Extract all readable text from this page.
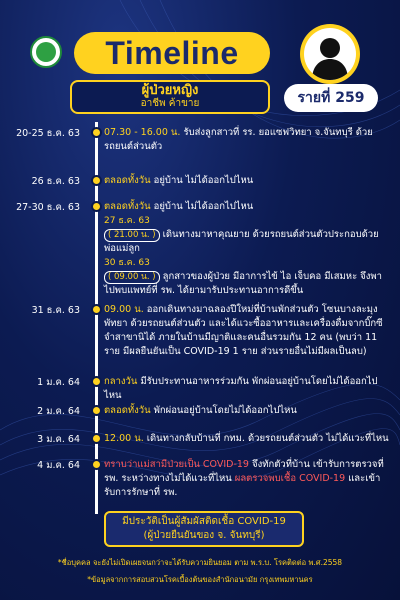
Timeline
ผู้ป่วยหญิง
อาชีพ ค้าขาย	รายที่ 259
20-25 ธ.ค. 63	07.30 - 16.00 น. รับส่งลูกสาวที่ รร. ยอแซฟวิทยา จ.จันทบุรี ด้วยรถยนต์ส่วนตัว
26 ธ.ค. 63	ตลอดทั้งวัน อยู่บ้าน ไม่ได้ออกไปไหน
27-30 ธ.ค. 63	ตลอดทั้งวัน อยู่บ้าน ไม่ได้ออกไปไหน
27 ธ.ค. 63
( 21.00 น. ) เดินทางมาหาคุณยาย ด้วยรถยนต์ส่วนตัวประกอบด้วย พ่อแม่ลูก
30 ธ.ค. 63
( 09.00 น. ) ลูกสาวของผู้ป่วย มีอาการไข้ ไอ เจ็บคอ มีเสมหะ จึงพาไปพบแพทย์ที่ รพ. ได้ยามารับประทานอาการดีขึ้น
31 ธ.ค. 63	09.00 น. ออกเดินทางมาฉลองปีใหม่ที่บ้านพักส่วนตัว โซนบางละมุง พัทยา ด้วยรถยนต์ส่วนตัว และได้แวะซื้ออาหารและเครื่องดื่มจากบิ๊กซีจำสาขานิได้ ภายในบ้านมีญาติและคนอื่นรวมกัน 12 คน (พบว่า 11 ราย มีผลยืนยันเป็น COVID-19 1 ราย ส่วนรายอื่นไม่มีผลเป็นลบ)
1 ม.ค. 64	กลางวัน มีรับประทานอาหารร่วมกัน พักผ่อนอยู่บ้านโดยไม่ได้ออกไปไหน
2 ม.ค. 64	ตลอดทั้งวัน พักผ่อนอยู่บ้านโดยไม่ได้ออกไปไหน
3 ม.ค. 64	12.00 น. เดินทางกลับบ้านที่ กทม. ด้วยรถยนต์ส่วนตัว ไม่ได้แวะที่ไหน
4 ม.ค. 64	ทราบว่าแม่สามีป่วยเป็น COVID-19 จึงทักตัวที่บ้าน เข้ารับการตรวจที่ รพ. ระหว่างทางไม่ได้แวะที่ไหน ผลตรวจพบเชื้อ COVID-19 และเข้ารับการรักษาที่ รพ.
มีประวัติเป็นผู้สัมผัสติดเชื้อ COVID-19
(ผู้ป่วยยืนยันของ จ. จันทบุรี)
*ชื่อบุคคล จะยังไม่เปิดเผยจนกว่าจะได้รับความยินยอม ตาม พ.ร.บ. โรคติดต่อ พ.ศ.2558
*ข้อมูลจากการสอบสวนโรคเบื้องต้นของสำนักอนามัย กรุงเทพมหานคร
